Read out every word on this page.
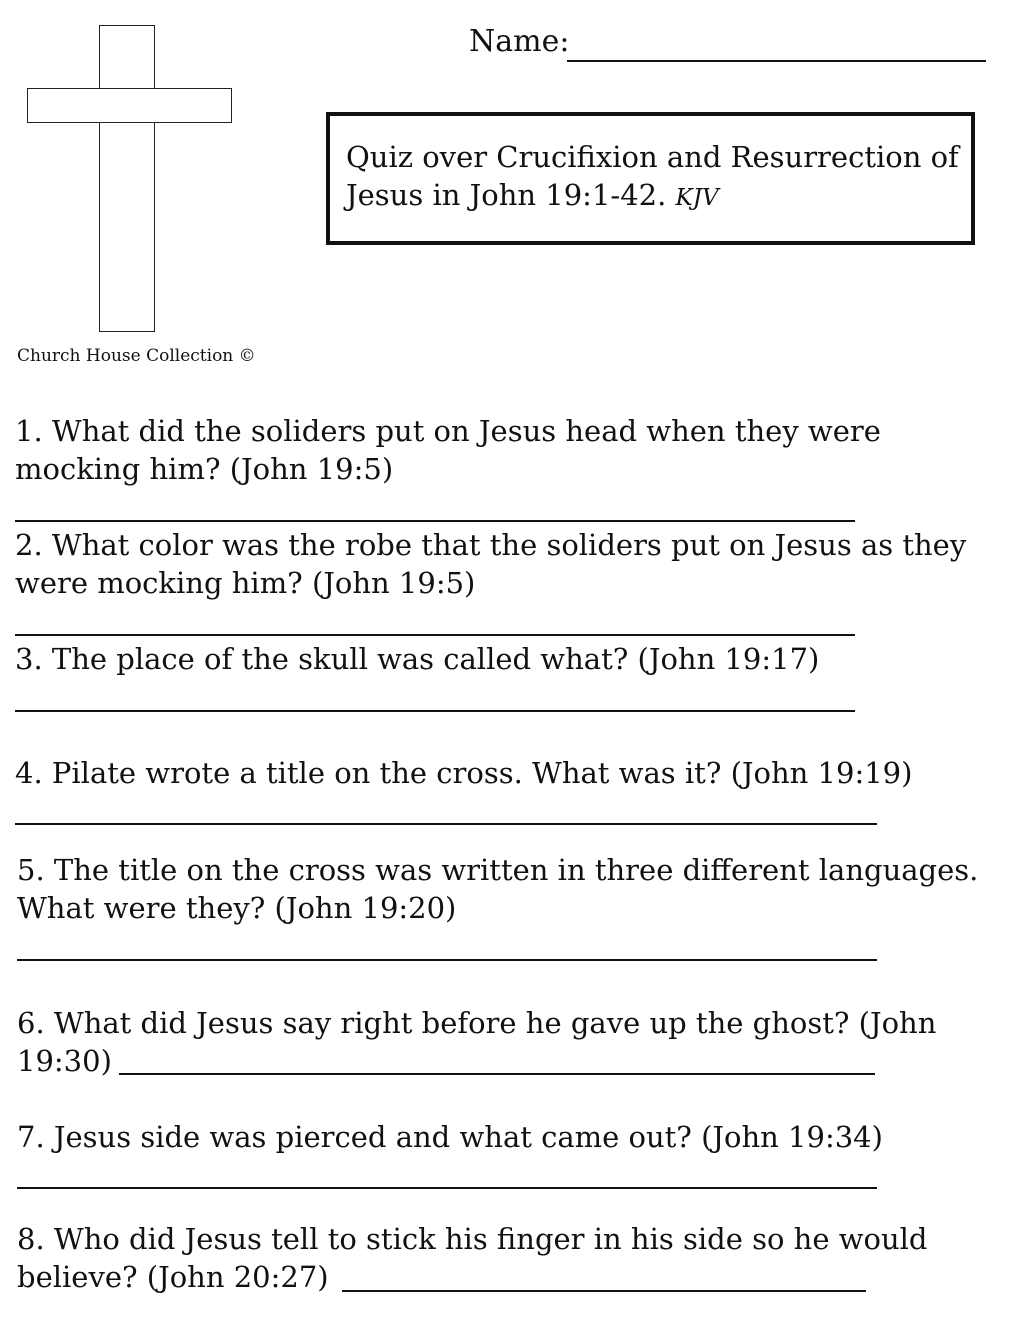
Church House Collection ©
Name:
Quiz over Crucifixion and Resurrection of
Jesus in John 19:1-42. KJV
1. What did the soliders put on Jesus head when they were
mocking him? (John 19:5)
2. What color was the robe that the soliders put on Jesus as they
were mocking him? (John 19:5)
3. The place of the skull was called what? (John 19:17)
4. Pilate wrote a title on the cross. What was it? (John 19:19)
5. The title on the cross was written in three different languages.
What were they? (John 19:20)
6. What did Jesus say right before he gave up the ghost? (John
19:30)
7. Jesus side was pierced and what came out? (John 19:34)
8. Who did Jesus tell to stick his finger in his side so he would
believe? (John 20:27)
